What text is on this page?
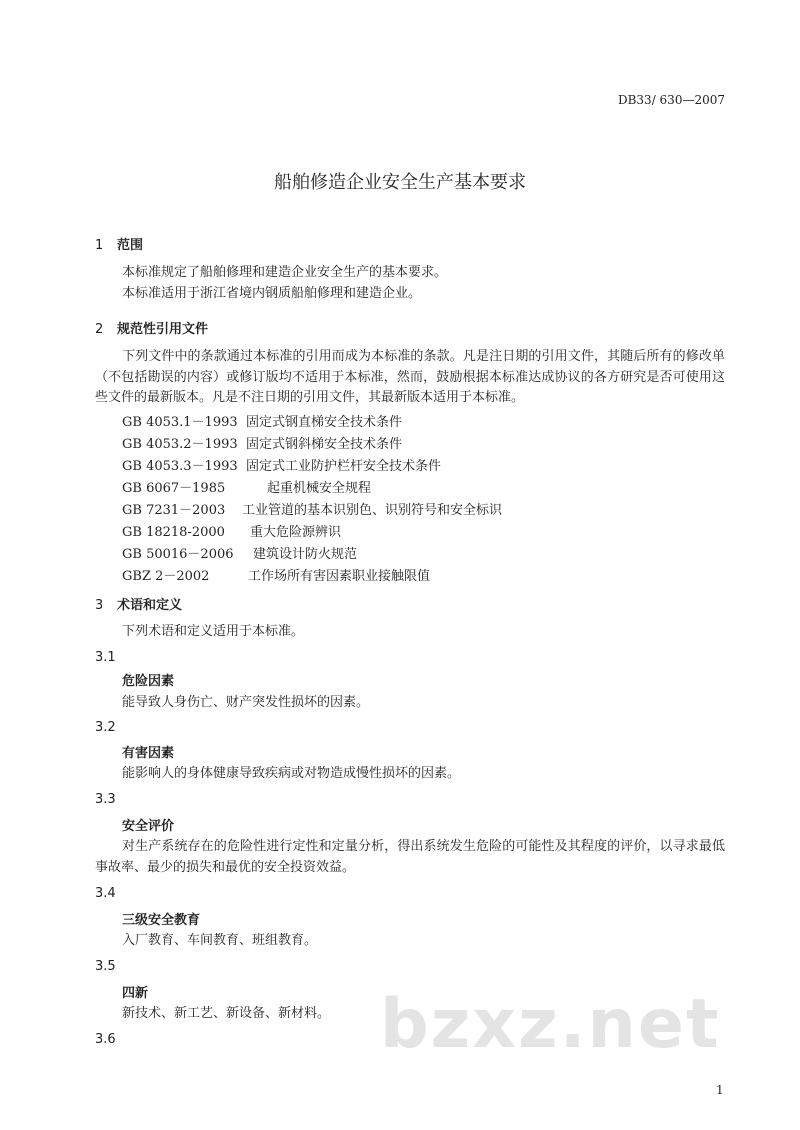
DB33/ 630—2007
船舶修造企业安全生产基本要求
1 范围
本标准规定了船舶修理和建造企业安全生产的基本要求。
本标准适用于浙江省境内钢质船舶修理和建造企业。
2 规范性引用文件
下列文件中的条款通过本标准的引用而成为本标准的条款。凡是注日期的引用文件，其随后所有的修改单（不包括勘误的内容）或修订版均不适用于本标准，然而，鼓励根据本标准达成协议的各方研究是否可使用这些文件的最新版本。凡是不注日期的引用文件，其最新版本适用于本标准。
GB 4053.1－1993 固定式钢直梯安全技术条件
GB 4053.2－1993 固定式钢斜梯安全技术条件
GB 4053.3－1993 固定式工业防护栏杆安全技术条件
GB 6067－1985	起重机械安全规程
GB 7231－2003 工业管道的基本识别色、识别符号和安全标识
GB 18218-2000 重大危险源辨识
GB 50016－2006 建筑设计防火规范
GBZ 2－2002	工作场所有害因素职业接触限值
3 术语和定义
下列术语和定义适用于本标准。
3.1
危险因素
能导致人身伤亡、财产突发性损坏的因素。
3.2
有害因素
能影响人的身体健康导致疾病或对物造成慢性损坏的因素。
3.3
安全评价
对生产系统存在的危险性进行定性和定量分析，得出系统发生危险的可能性及其程度的评价，以寻求最低事故率、最少的损失和最优的安全投资效益。
3.4
三级安全教育
入厂教育、车间教育、班组教育。
3.5
四新
新技术、新工艺、新设备、新材料。
3.6	bzxz.net
1
